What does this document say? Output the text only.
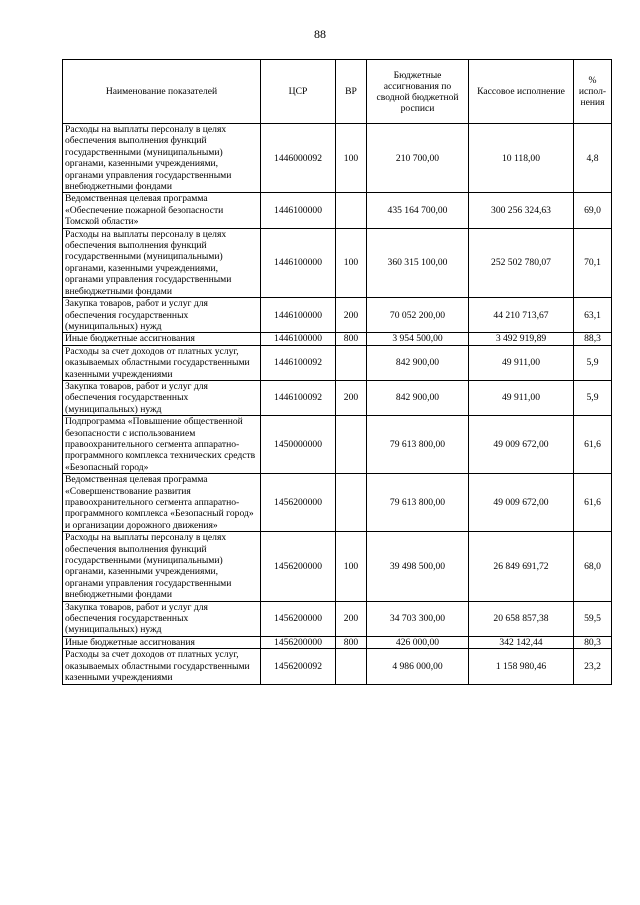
88
Наименование показателей	ЦСР	ВР	Бюджетные ассигнования по сводной бюджетной росписи	Кассовое исполнение	% испол-нения
Расходы на выплаты персоналу в целях обеспечения выполнения функций государственными (муниципальными) органами, казенными учреждениями, органами управления государственными внебюджетными фондами	1446000092	100	210 700,00	10 118,00	4,8
Ведомственная целевая программа «Обеспечение пожарной безопасности Томской области»	1446100000		435 164 700,00	300 256 324,63	69,0
Расходы на выплаты персоналу в целях обеспечения выполнения функций государственными (муниципальными) органами, казенными учреждениями, органами управления государственными внебюджетными фондами	1446100000	100	360 315 100,00	252 502 780,07	70,1
Закупка товаров, работ и услуг для обеспечения государственных (муниципальных) нужд	1446100000	200	70 052 200,00	44 210 713,67	63,1
Иные бюджетные ассигнования	1446100000	800	3 954 500,00	3 492 919,89	88,3
Расходы за счет доходов от платных услуг, оказываемых областными государственными казенными учреждениями	1446100092		842 900,00	49 911,00	5,9
Закупка товаров, работ и услуг для обеспечения государственных (муниципальных) нужд	1446100092	200	842 900,00	49 911,00	5,9
Подпрограмма «Повышение общественной безопасности с использованием правоохранительного сегмента аппаратно-программного комплекса технических средств «Безопасный город»	1450000000		79 613 800,00	49 009 672,00	61,6
Ведомственная целевая программа «Совершенствование развития правоохранительного сегмента аппаратно-программного комплекса «Безопасный город» и организации дорожного движения»	1456200000		79 613 800,00	49 009 672,00	61,6
Расходы на выплаты персоналу в целях обеспечения выполнения функций государственными (муниципальными) органами, казенными учреждениями, органами управления государственными внебюджетными фондами	1456200000	100	39 498 500,00	26 849 691,72	68,0
Закупка товаров, работ и услуг для обеспечения государственных (муниципальных) нужд	1456200000	200	34 703 300,00	20 658 857,38	59,5
Иные бюджетные ассигнования	1456200000	800	426 000,00	342 142,44	80,3
Расходы за счет доходов от платных услуг, оказываемых областными государственными казенными учреждениями	1456200092		4 986 000,00	1 158 980,46	23,2
